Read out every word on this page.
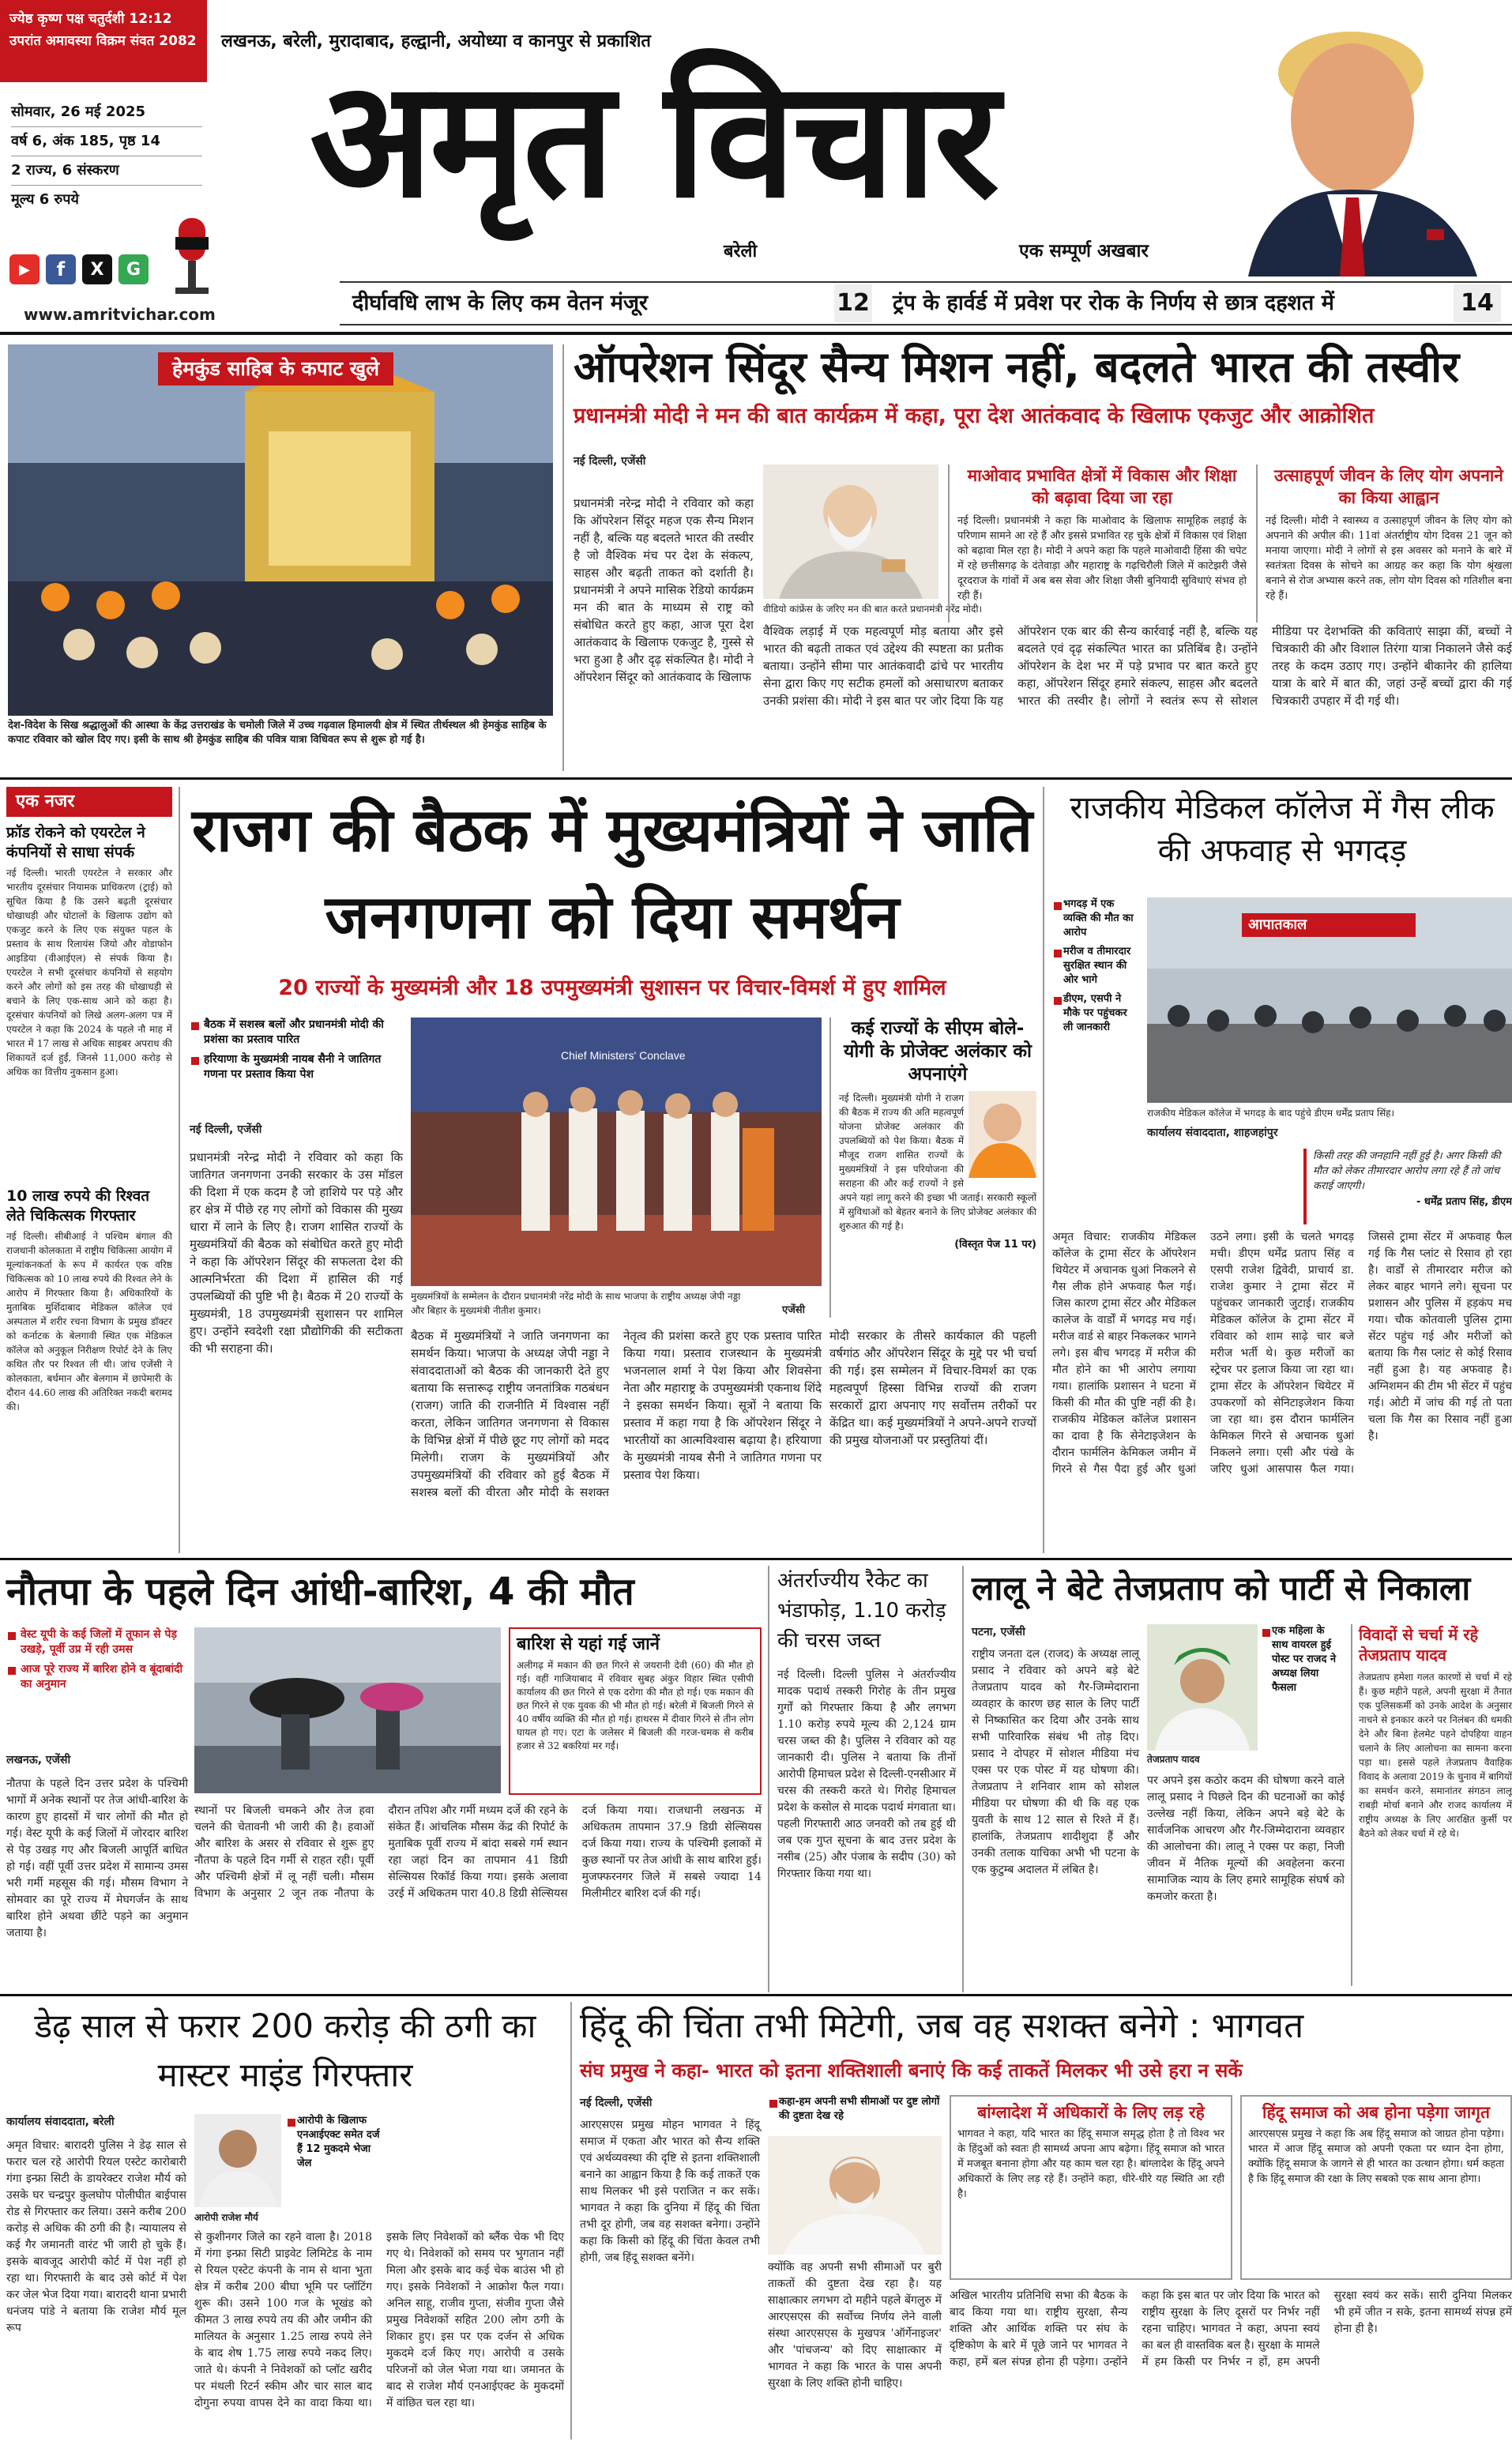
ज्येष्ठ कृष्ण पक्ष चतुर्दशी 12:12 उपरांत अमावस्या विक्रम संवत 2082 लखनऊ, बरेली, मुरादाबाद, हल्द्वानी, अयोध्या व कानपुर से प्रकाशित
अमृत विचार
बरेली	एक सम्पूर्ण अखबार
सोमवार, 26 मई 2025
वर्ष 6, अंक 185, पृष्ठ 14
2 राज्य, 6 संस्करण
मूल्य 6 रुपये
▶	f	X	G
www.amritvichar.com	दीर्घावधि लाभ के लिए कम वेतन मंजूर	12 ट्रंप के हार्वर्ड में प्रवेश पर रोक के निर्णय से छात्र दहशत में	14
हेमकुंड साहिब के कपाट खुले
देश-विदेश के सिख श्रद्धालुओं की आस्था के केंद्र उत्तराखंड के चमोली जिले में उच्च गढ़वाल हिमालयी क्षेत्र में स्थित तीर्थस्थल श्री हेमकुंड साहिब के कपाट रविवार को खोल दिए गए। इसी के साथ श्री हेमकुंड साहिब की पवित्र यात्रा विधिवत रूप से शुरू हो गई है।
ऑपरेशन सिंदूर सैन्य मिशन नहीं, बदलते भारत की तस्वीर
प्रधानमंत्री मोदी ने मन की बात कार्यक्रम में कहा, पूरा देश आतंकवाद के खिलाफ एकजुट और आक्रोशित
नई दिल्ली, एजेंसी
प्रधानमंत्री नरेन्द्र मोदी ने रविवार को कहा कि ऑपरेशन सिंदूर महज एक सैन्य मिशन नहीं है, बल्कि यह बदलते भारत की तस्वीर है जो वैश्विक मंच पर देश के संकल्प, साहस और बढ़ती ताकत को दर्शाती है। प्रधानमंत्री ने अपने मासिक रेडियो कार्यक्रम मन की बात के माध्यम से राष्ट्र को संबोधित करते हुए कहा, आज पूरा देश आतंकवाद के खिलाफ एकजुट है, गुस्से से भरा हुआ है और दृढ़ संकल्पित है। मोदी ने ऑपरेशन सिंदूर को आतंकवाद के खिलाफ
वीडियो कांफ्रेंस के जरिए मन की बात करते प्रधानमंत्री नरेंद्र मोदी।
वैश्विक लड़ाई में एक महत्वपूर्ण मोड़ बताया और इसे भारत की बढ़ती ताकत एवं उद्देश्य की स्पष्टता का प्रतीक बताया। उन्होंने सीमा पार आतंकवादी ढांचे पर भारतीय सेना द्वारा किए गए सटीक हमलों को असाधारण बताकर उनकी प्रशंसा की। मोदी ने इस बात पर जोर दिया कि यह ऑपरेशन एक बार की सैन्य कार्रवाई नहीं है, बल्कि यह बदलते एवं दृढ़ संकल्पित भारत का प्रतिबिंब है। उन्होंने ऑपरेशन के देश भर में पड़े प्रभाव पर बात करते हुए कहा, ऑपरेशन सिंदूर हमारे संकल्प, साहस और बदलते भारत की तस्वीर है। लोगों ने स्वतंत्र रूप से सोशल मीडिया पर देशभक्ति की कविताएं साझा कीं, बच्चों ने चित्रकारी की और विशाल तिरंगा यात्रा निकालने जैसे कई तरह के कदम उठाए गए। उन्होंने बीकानेर की हालिया यात्रा के बारे में बात की, जहां उन्हें बच्चों द्वारा की गई चित्रकारी उपहार में दी गई थी।
माओवाद प्रभावित क्षेत्रों में विकास और शिक्षा को बढ़ावा दिया जा रहा
नई दिल्ली। प्रधानमंत्री ने कहा कि माओवाद के खिलाफ सामूहिक लड़ाई के परिणाम सामने आ रहे हैं और इससे प्रभावित रह चुके क्षेत्रों में विकास एवं शिक्षा को बढ़ावा मिल रहा है। मोदी ने अपने कहा कि पहले माओवादी हिंसा की चपेट में रहे छत्तीसगढ़ के दंतेवाड़ा और महाराष्ट्र के गढ़चिरौली जिले में काटेझरी जैसे दूरदराज के गांवों में अब बस सेवा और शिक्षा जैसी बुनियादी सुविधाएं संभव हो रही हैं।
उत्साहपूर्ण जीवन के लिए योग अपनाने का किया आह्वान
नई दिल्ली। मोदी ने स्वास्थ्य व उत्साहपूर्ण जीवन के लिए योग को अपनाने की अपील की। 11वां अंतर्राष्ट्रीय योग दिवस 21 जून को मनाया जाएगा। मोदी ने लोगों से इस अवसर को मनाने के बारे में स्वतंत्रता दिवस के सोचने का आग्रह कर कहा कि योग श्रृंखला बनाने से रोज अभ्यास करने तक, लोग योग दिवस को गतिशील बना रहे हैं।
एक नजर
फ्रॉड रोकने को एयरटेल ने कंपनियों से साधा संपर्क
नई दिल्ली। भारती एयरटेल ने सरकार और भारतीय दूरसंचार नियामक प्राधिकरण (ट्राई) को सूचित किया है कि उसने बढ़ती दूरसंचार धोखाधड़ी और घोटालों के खिलाफ उद्योग को एकजुट करने के लिए एक संयुक्त पहल के प्रस्ताव के साथ रिलायंस जियो और वोडाफोन आइडिया (वीआईएल) से संपर्क किया है। एयरटेल ने सभी दूरसंचार कंपनियों से सहयोग करने और लोगों को इस तरह की धोखाधड़ी से बचाने के लिए एक-साथ आने को कहा है। दूरसंचार कंपनियों को लिखे अलग-अलग पत्र में एयरटेल ने कहा कि 2024 के पहले नौ माह में भारत में 17 लाख से अधिक साइबर अपराध की शिकायतें दर्ज हुईं, जिनसे 11,000 करोड़ से अधिक का वित्तीय नुकसान हुआ।
10 लाख रुपये की रिश्वत लेते चिकित्सक गिरफ्तार
नई दिल्ली। सीबीआई ने पश्चिम बंगाल की राजधानी कोलकाता में राष्ट्रीय चिकित्सा आयोग में मूल्यांकनकर्ता के रूप में कार्यरत एक वरिष्ठ चिकित्सक को 10 लाख रुपये की रिश्वत लेने के आरोप में गिरफ्तार किया है। अधिकारियों के मुताबिक मुर्शिदाबाद मेडिकल कॉलेज एवं अस्पताल में शरीर रचना विभाग के प्रमुख डॉक्टर को कर्नाटक के बेलगावी स्थित एक मेडिकल कॉलेज को अनुकूल निरीक्षण रिपोर्ट देने के लिए कथित तौर पर रिश्वत ली थी। जांच एजेंसी ने कोलकाता, बर्धमान और बेलगाम में छापेमारी के दौरान 44.60 लाख की अतिरिक्त नकदी बरामद की।
राजग की बैठक में मुख्यमंत्रियों ने जाति जनगणना को दिया समर्थन
20 राज्यों के मुख्यमंत्री और 18 उपमुख्यमंत्री सुशासन पर विचार-विमर्श में हुए शामिल
बैठक में सशस्त्र बलों और प्रधानमंत्री मोदी की प्रशंसा का प्रस्ताव पारित
हरियाणा के मुख्यमंत्री नायब सैनी ने जातिगत गणना पर प्रस्ताव किया पेश
नई दिल्ली, एजेंसी
प्रधानमंत्री नरेन्द्र मोदी ने रविवार को कहा कि जातिगत जनगणना उनकी सरकार के उस मॉडल की दिशा में एक कदम है जो हाशिये पर पड़े और हर क्षेत्र में पीछे रह गए लोगों को विकास की मुख्य धारा में लाने के लिए है। राजग शासित राज्यों के मुख्यमंत्रियों की बैठक को संबोधित करते हुए मोदी ने कहा कि ऑपरेशन सिंदूर की सफलता देश की आत्मनिर्भरता की दिशा में हासिल की गई उपलब्धियों की पुष्टि भी है। बैठक में 20 राज्यों के मुख्यमंत्री, 18 उपमुख्यमंत्री सुशासन पर शामिल हुए। उन्होंने स्वदेशी रक्षा प्रौद्योगिकी की सटीकता की भी सराहना की।
Chief Ministers' Conclave
मुख्यमंत्रियों के सम्मेलन के दौरान प्रधानमंत्री नरेंद्र मोदी के साथ भाजपा के राष्ट्रीय अध्यक्ष जेपी नड्डा और बिहार के मुख्यमंत्री नीतीश कुमार।	एजेंसी
कई राज्यों के सीएम बोले-योगी के प्रोजेक्ट अलंकार को अपनाएंगे
नई दिल्ली। मुख्यमंत्री योगी ने राजग की बैठक में राज्य की अति महत्वपूर्ण योजना प्रोजेक्ट अलंकार की उपलब्धियों को पेश किया। बैठक में मौजूद राजग शासित राज्यों के मुख्यमंत्रियों ने इस परियोजना की सराहना की और कई राज्यों ने इसे अपने यहां लागू करने की इच्छा भी जताई। सरकारी स्कूलों में सुविधाओं को बेहतर बनाने के लिए प्रोजेक्ट अलंकार की शुरुआत की गई है।
(विस्तृत पेज 11 पर)
बैठक में मुख्यमंत्रियों ने जाति जनगणना का समर्थन किया। भाजपा के अध्यक्ष जेपी नड्डा ने संवाददाताओं को बैठक की जानकारी देते हुए बताया कि सत्तारूढ़ राष्ट्रीय जनतांत्रिक गठबंधन (राजग) जाति की राजनीति में विश्वास नहीं करता, लेकिन जातिगत जनगणना से विकास के विभिन्न क्षेत्रों में पीछे छूट गए लोगों को मदद मिलेगी। राजग के मुख्यमंत्रियों और उपमुख्यमंत्रियों की रविवार को हुई बैठक में सशस्त्र बलों की वीरता और मोदी के सशक्त नेतृत्व की प्रशंसा करते हुए एक प्रस्ताव पारित किया गया। प्रस्ताव राजस्थान के मुख्यमंत्री भजनलाल शर्मा ने पेश किया और शिवसेना नेता और महाराष्ट्र के उपमुख्यमंत्री एकनाथ शिंदे ने इसका समर्थन किया। सूत्रों ने बताया कि प्रस्ताव में कहा गया है कि ऑपरेशन सिंदूर ने भारतीयों का आत्मविश्वास बढ़ाया है। हरियाणा के मुख्यमंत्री नायब सैनी ने जातिगत गणना पर प्रस्ताव पेश किया।
मोदी सरकार के तीसरे कार्यकाल की पहली वर्षगांठ और ऑपरेशन सिंदूर के मुद्दे पर भी चर्चा की गई। इस सम्मेलन में विचार-विमर्श का एक महत्वपूर्ण हिस्सा विभिन्न राज्यों की राजग सरकारों द्वारा अपनाए गए सर्वोत्तम तरीकों पर केंद्रित था। कई मुख्यमंत्रियों ने अपने-अपने राज्यों की प्रमुख योजनाओं पर प्रस्तुतियां दीं।
राजकीय मेडिकल कॉलेज में गैस लीक की अफवाह से भगदड़
भगदड़ में एक व्यक्ति की मौत का आरोप
मरीज व तीमारदार सुरक्षित स्थान की ओर भागे
डीएम, एसपी ने मौके पर पहुंचकर ली जानकारी
आपातकाल
राजकीय मेडिकल कॉलेज में भगदड़ के बाद पहुंचे डीएम धर्मेंद्र प्रताप सिंह।
कार्यालय संवाददाता, शाहजहांपुर
किसी तरह की जनहानि नहीं हुई है। अगर किसी की मौत को लेकर तीमारदार आरोप लगा रहे हैं तो जांच कराई जाएगी।
- धर्मेंद्र प्रताप सिंह, डीएम
अमृत विचार: राजकीय मेडिकल कॉलेज के ट्रामा सेंटर के ऑपरेशन थियेटर में अचानक धुआं निकलने से गैस लीक होने अफवाह फैल गई। जिस कारण ट्रामा सेंटर और मेडिकल कालेज के वार्डों में भगदड़ मच गई। मरीज वार्ड से बाहर निकलकर भागने लगे। इस बीच भगदड़ में मरीज की मौत होने का भी आरोप लगाया गया। हालांकि प्रशासन ने घटना में किसी की मौत की पुष्टि नहीं की है। राजकीय मेडिकल कॉलेज प्रशासन का दावा है कि सेनेटाइजेशन के दौरान फार्मलिन केमिकल जमीन में गिरने से गैस पैदा हुई और धुआं उठने लगा। इसी के चलते भगदड़ मची। डीएम धर्मेंद्र प्रताप सिंह व एसपी राजेश द्विवेदी, प्राचार्य डा. राजेश कुमार ने ट्रामा सेंटर में पहुंचकर जानकारी जुटाई। राजकीय मेडिकल कॉलेज के ट्रामा सेंटर में रविवार को शाम साढ़े चार बजे मरीज भर्ती थे। कुछ मरीजों का स्ट्रेचर पर इलाज किया जा रहा था। ट्रामा सेंटर के ऑपरेशन थियेटर में उपकरणों को सेनिटाइजेशन किया जा रहा था। इस दौरान फार्मलिन केमिकल गिरने से अचानक धुआं निकलने लगा। एसी और पंखे के जरिए धुआं आसपास फैल गया। जिससे ट्रामा सेंटर में अफवाह फैल गई कि गैस प्लांट से रिसाव हो रहा है। वार्डों से तीमारदार मरीज को लेकर बाहर भागने लगे। सूचना पर प्रशासन और पुलिस में हड़कंप मच गया। चौक कोतवाली पुलिस ट्रामा सेंटर पहुंच गई और मरीजों को बताया कि गैस प्लांट से कोई रिसाव नहीं हुआ है। यह अफवाह है। अग्निशमन की टीम भी सेंटर में पहुंच गई। ओटी में जांच की गई तो पता चला कि गैस का रिसाव नहीं हुआ है।
नौतपा के पहले दिन आंधी-बारिश, 4 की मौत
वेस्ट यूपी के कई जिलों में तूफान से पेड़ उखड़े, पूर्वी उप्र में रही उमस
आज पूरे राज्य में बारिश होने व बूंदाबांदी का अनुमान
बारिश से यहां गई जानें
अलीगढ़ में मकान की छत गिरने से जयरानी देवी (60) की मौत हो गई। वहीं गाजियाबाद में रविवार सुबह अंकुर विहार स्थित एसीपी कार्यालय की छत गिरने से एक दरोगा की मौत हो गई। एक मकान की छत गिरने से एक युवक की भी मौत हो गई। बरेली में बिजली गिरने से 40 वर्षीय व्यक्ति की मौत हो गई। हाथरस में दीवार गिरने से तीन लोग घायल हो गए। एटा के जलेसर में बिजली की गरज-चमक से करीब हजार से 32 बकरियां मर गईं।
लखनऊ, एजेंसी
नौतपा के पहले दिन उत्तर प्रदेश के पश्चिमी भागों में अनेक स्थानों पर तेज आंधी-बारिश के कारण हुए हादसों में चार लोगों की मौत हो गई। वेस्ट यूपी के कई जिलों में जोरदार बारिश से पेड़ उखड़ गए और बिजली आपूर्ति बाधित हो गई। वहीं पूर्वी उत्तर प्रदेश में सामान्य उमस भरी गर्मी महसूस की गई। मौसम विभाग ने सोमवार का पूरे राज्य में मेघगर्जन के साथ बारिश होने अथवा छींटे पड़ने का अनुमान जताया है।
स्थानों पर बिजली चमकने और तेज हवा चलने की चेतावनी भी जारी की है। हवाओं और बारिश के असर से रविवार से शुरू हुए नौतपा के पहले दिन गर्मी से राहत रही। पूर्वी और पश्चिमी क्षेत्रों में लू नहीं चली। मौसम विभाग के अनुसार 2 जून तक नौतपा के दौरान तपिश और गर्मी मध्यम दर्जे की रहने के संकेत हैं। आंचलिक मौसम केंद्र की रिपोर्ट के मुताबिक पूर्वी राज्य में बांदा सबसे गर्म स्थान रहा जहां दिन का तापमान 41 डिग्री सेल्सियस रिकॉर्ड किया गया। इसके अलावा उरई में अधिकतम पारा 40.8 डिग्री सेल्सियस दर्ज किया गया। राजधानी लखनऊ में अधिकतम तापमान 37.9 डिग्री सेल्सियस दर्ज किया गया। राज्य के पश्चिमी इलाकों में कुछ स्थानों पर तेज आंधी के साथ बारिश हुई। मुजफ्फरनगर जिले में सबसे ज्यादा 14 मिलीमीटर बारिश दर्ज की गई।
अंतर्राज्यीय रैकेट का भंडाफोड़, 1.10 करोड़ की चरस जब्त
नई दिल्ली। दिल्ली पुलिस ने अंतर्राज्यीय मादक पदार्थ तस्करी गिरोह के तीन प्रमुख गुर्गों को गिरफ्तार किया है और लगभग 1.10 करोड़ रुपये मूल्य की 2,124 ग्राम चरस जब्त की है। पुलिस ने रविवार को यह जानकारी दी। पुलिस ने बताया कि तीनों आरोपी हिमाचल प्रदेश से दिल्ली-एनसीआर में चरस की तस्करी करते थे। गिरोह हिमाचल प्रदेश के कसोल से मादक पदार्थ मंगवाता था। पहली गिरफ्तारी आठ जनवरी को तब हुई थी जब एक गुप्त सूचना के बाद उत्तर प्रदेश के नसीब (25) और पंजाब के सदीप (30) को गिरफ्तार किया गया था।
लालू ने बेटे तेजप्रताप को पार्टी से निकाला
पटना, एजेंसी
राष्ट्रीय जनता दल (राजद) के अध्यक्ष लालू प्रसाद ने रविवार को अपने बड़े बेटे तेजप्रताप यादव को गैर-जिम्मेदाराना व्यवहार के कारण छह साल के लिए पार्टी से निष्कासित कर दिया और उनके साथ सभी पारिवारिक संबंध भी तोड़ दिए। प्रसाद ने दोपहर में सोशल मीडिया मंच एक्स पर एक पोस्ट में यह घोषणा की। तेजप्रताप ने शनिवार शाम को सोशल मीडिया पर घोषणा की थी कि वह एक युवती के साथ 12 साल से रिश्ते में हैं। हालांकि, तेजप्रताप शादीशुदा हैं और उनकी तलाक याचिका अभी भी पटना के एक कुटुम्ब अदालत में लंबित है।
तेजप्रताप यादव
एक महिला के साथ वायरल हुई पोस्ट पर राजद ने अध्यक्ष लिया फैसला
पर अपने इस कठोर कदम की घोषणा करने वाले लालू प्रसाद ने पिछले दिन की घटनाओं का कोई उल्लेख नहीं किया, लेकिन अपने बड़े बेटे के सार्वजनिक आचरण और गैर-जिम्मेदाराना व्यवहार की आलोचना की। लालू ने एक्स पर कहा, निजी जीवन में नैतिक मूल्यों की अवहेलना करना सामाजिक न्याय के लिए हमारे सामूहिक संघर्ष को कमजोर करता है।
विवादों से चर्चा में रहे तेजप्रताप यादव
तेजप्रताप हमेशा गलत कारणों से चर्चा में रहे हैं। कुछ महीने पहले, अपनी सुरक्षा में तैनात एक पुलिसकर्मी को उनके आदेश के अनुसार नाचने से इनकार करने पर निलंबन की धमकी देने और बिना हेलमेट पहने दोपहिया वाहन चलाने के लिए आलोचना का सामना करना पड़ा था। इससे पहले तेजप्रताप वैवाहिक विवाद के अलावा 2019 के चुनाव में बागियों का समर्थन करने, समानांतर संगठन लालू राबड़ी मोर्चा बनाने और राजद कार्यालय में राष्ट्रीय अध्यक्ष के लिए आरक्षित कुर्सी पर बैठने को लेकर चर्चा में रहे थे।
डेढ़ साल से फरार 200 करोड़ की ठगी का मास्टर माइंड गिरफ्तार
कार्यालय संवाददाता, बरेली
अमृत विचार: बारादरी पुलिस ने डेढ़ साल से फरार चल रहे आरोपी रियल एस्टेट कारोबारी गंगा इन्फ्रा सिटी के डायरेक्टर राजेश मौर्य को उसके घर चन्द्रपुर कुलघोप पोलीघीत बाईपास रोड से गिरफ्तार कर लिया। उसने करीब 200 करोड़ से अधिक की ठगी की है। न्यायालय से कई गैर जमानती वारंट भी जारी हो चुके हैं। इसके बावजूद आरोपी कोर्ट में पेश नहीं हो रहा था। गिरफ्तारी के बाद उसे कोर्ट में पेश कर जेल भेज दिया गया। बारादरी थाना प्रभारी धनंजय पांडे ने बताया कि राजेश मौर्य मूल रूप
आरोपी के खिलाफ एनआईएक्ट समेत दर्ज हैं 12 मुकदमे भेजा जेल
आरोपी राजेश मौर्य
से कुशीनगर जिले का रहने वाला है। 2018 में गंगा इन्फ्रा सिटी प्राइवेट लिमिटेड के नाम से रियल एस्टेट कंपनी के नाम से थाना भुता क्षेत्र में करीब 200 बीघा भूमि पर प्लॉटिंग शुरू की। उसने 100 गज के भूखंड को कीमत 3 लाख रुपये तय की और जमीन की मालियत के अनुसार 1.25 लाख रुपये लेने के बाद शेष 1.75 लाख रुपये नकद लिए। जाते थे। कंपनी ने निवेशकों को प्लॉट खरीद पर मंथली रिटर्न स्कीम और चार साल बाद दोगुना रुपया वापस देने का वादा किया था। इसके लिए निवेशकों को ब्लैंक चेक भी दिए गए थे। निवेशकों को समय पर भुगतान नहीं मिला और इसके बाद कई चेक बाउंस भी हो गए। इसके निवेशकों ने आक्रोश फैल गया। अनिल साहू, राजीव गुप्ता, संजीव गुप्ता जैसे प्रमुख निवेशकों सहित 200 लोग ठगी के शिकार हुए। इस पर एक दर्जन से अधिक मुकदमे दर्ज किए गए। आरोपी व उसके परिजनों को जेल भेजा गया था। जमानत के बाद से राजेश मौर्य एनआईएक्ट के मुकदमों में वांछित चल रहा था।
हिंदू की चिंता तभी मिटेगी, जब वह सशक्त बनेगे : भागवत
संघ प्रमुख ने कहा- भारत को इतना शक्तिशाली बनाएं कि कई ताकतें मिलकर भी उसे हरा न सकें
नई दिल्ली, एजेंसी
आरएसएस प्रमुख मोहन भागवत ने हिंदू समाज में एकता और भारत को सैन्य शक्ति एवं अर्थव्यवस्था की दृष्टि से इतना शक्तिशाली बनाने का आह्वान किया है कि कई ताकतें एक साथ मिलकर भी इसे पराजित न कर सकें। भागवत ने कहा कि दुनिया में हिंदू की चिंता तभी दूर होगी, जब वह सशक्त बनेगा। उन्होंने कहा कि किसी को हिंदू की चिंता केवल तभी होगी, जब हिंदू सशक्त बनेंगे।
कहा-हम अपनी सभी सीमाओं पर दुष्ट लोगों की दुष्टता देख रहे
क्योंकि वह अपनी सभी सीमाओं पर बुरी ताकतों की दुष्टता देख रहा है। यह साक्षात्कार लगभग दो महीने पहले बेंगलुरु में आरएसएस की सर्वोच्च निर्णय लेने वाली संस्था आरएसएस के मुखपत्र 'ऑर्गेनाइजर' और 'पांचजन्य' को दिए साक्षात्कार में भागवत ने कहा कि भारत के पास अपनी सुरक्षा के लिए शक्ति होनी चाहिए।
बांग्लादेश में अधिकारों के लिए लड़ रहे
भागवत ने कहा, यदि भारत का हिंदू समाज समृद्ध होता है तो विश्व भर के हिंदुओं को स्वतः ही सामर्थ्य अपना आप बढ़ेगा। हिंदू समाज को भारत में मजबूत बनाना होगा और यह काम चल रहा है। बांग्लादेश के हिंदू अपने अधिकारों के लिए लड़ रहे हैं। उन्होंने कहा, धीरे-धीरे यह स्थिति आ रही है।
हिंदू समाज को अब होना पड़ेगा जागृत
आरएसएस प्रमुख ने कहा कि अब हिंदू समाज को जाग्रत होना पड़ेगा। भारत में आज हिंदू समाज को अपनी एकता पर ध्यान देना होगा, क्योंकि हिंदू समाज के जागने से ही भारत का उत्थान होगा। धर्म कहता है कि हिंदू समाज की रक्षा के लिए सबको एक साथ आना होगा।
अखिल भारतीय प्रतिनिधि सभा की बैठक के बाद किया गया था। राष्ट्रीय सुरक्षा, सैन्य शक्ति और आर्थिक शक्ति पर संघ के दृष्टिकोण के बारे में पूछे जाने पर भागवत ने कहा, हमें बल संपन्न होना ही पड़ेगा। उन्होंने कहा कि इस बात पर जोर दिया कि भारत को राष्ट्रीय सुरक्षा के लिए दूसरों पर निर्भर नहीं रहना चाहिए। भागवत ने कहा, अपना स्वयं का बल ही वास्तविक बल है। सुरक्षा के मामले में हम किसी पर निर्भर न हों, हम अपनी सुरक्षा स्वयं कर सकें। सारी दुनिया मिलकर भी हमें जीत न सके, इतना सामर्थ्य संपन्न हमें होना ही है।
